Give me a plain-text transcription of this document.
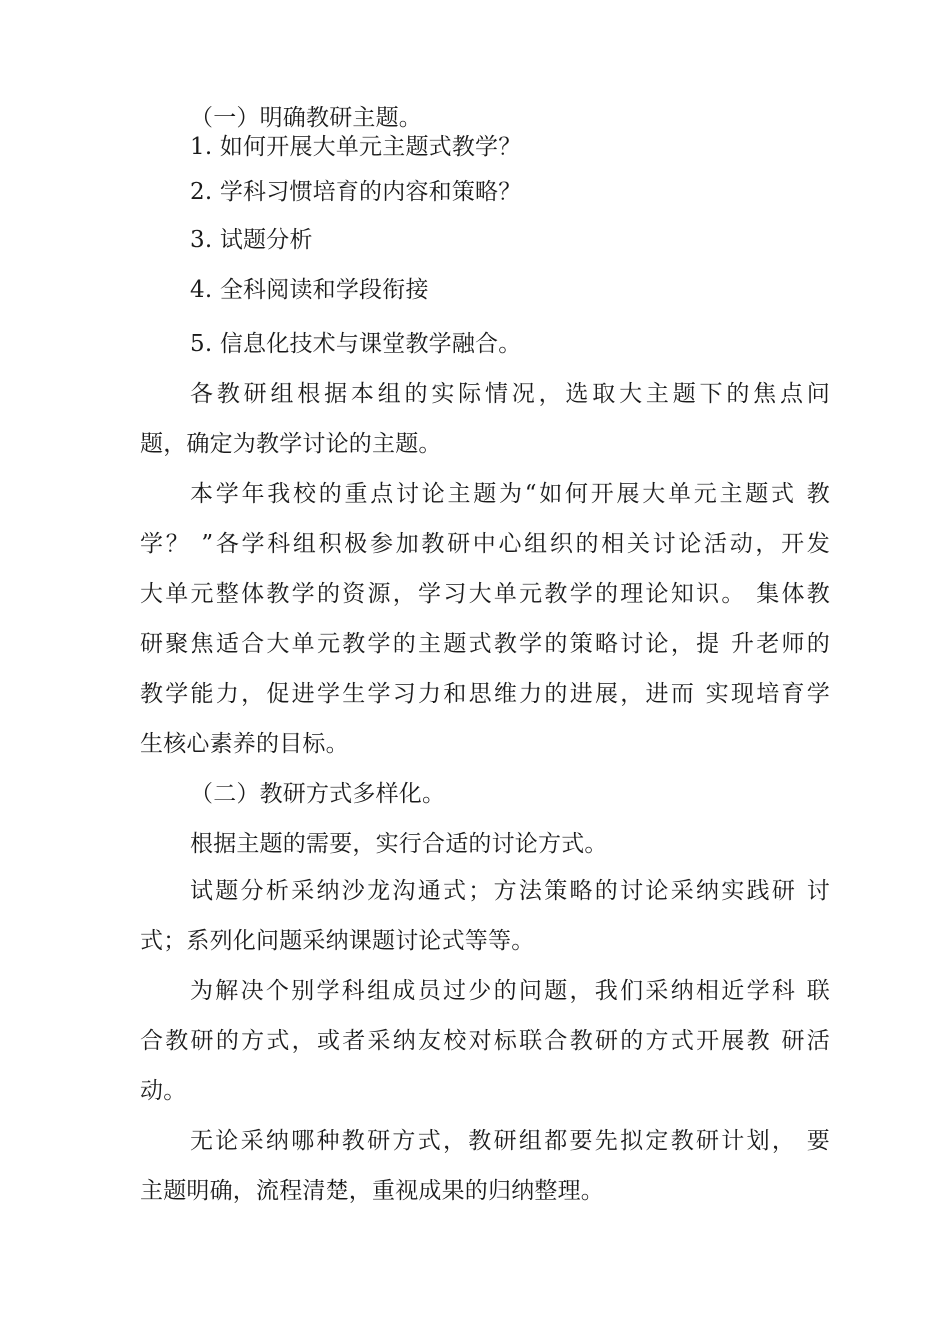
（一）明确教研主题。
1. 如何开展大单元主题式教学？
2. 学科习惯培育的内容和策略？
3. 试题分析
4. 全科阅读和学段衔接
5. 信息化技术与课堂教学融合。
各教研组根据本组的实际情况，选取大主题下的焦点问
题，确定为教学讨论的主题。
本学年我校的重点讨论主题为“如何开展大单元主题式 教
学？ ”各学科组积极参加教研中心组织的相关讨论活动，开发
大单元整体教学的资源，学习大单元教学的理论知识。 集体教
研聚焦适合大单元教学的主题式教学的策略讨论，提 升老师的
教学能力，促进学生学习力和思维力的进展，进而 实现培育学
生核心素养的目标。
（二）教研方式多样化。
根据主题的需要，实行合适的讨论方式。
试题分析采纳沙龙沟通式；方法策略的讨论采纳实践研 讨
式；系列化问题采纳课题讨论式等等。
为解决个别学科组成员过少的问题，我们采纳相近学科 联
合教研的方式，或者采纳友校对标联合教研的方式开展教 研活
动。
无论采纳哪种教研方式，教研组都要先拟定教研计划， 要
主题明确，流程清楚，重视成果的归纳整理。
